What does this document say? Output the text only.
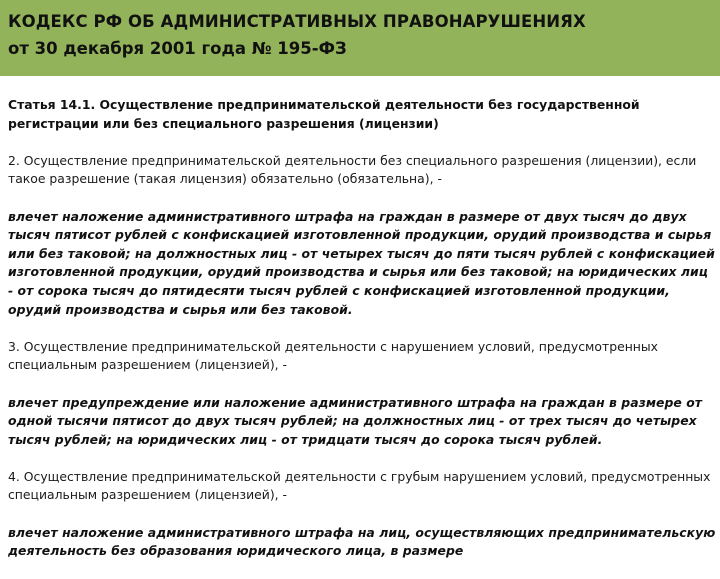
КОДЕКС РФ ОБ АДМИНИСТРАТИВНЫХ ПРАВОНАРУШЕНИЯХ
от 30 декабря 2001 года № 195-ФЗ

Статья 14.1. Осуществление предпринимательской деятельности без государственной регистрации или без специального разрешения (лицензии)

2. Осуществление предпринимательской деятельности без специального разрешения (лицензии), если такое разрешение (такая лицензия) обязательно (обязательна), -

влечет наложение административного штрафа на граждан в размере от двух тысяч до двух тысяч пятисот рублей с конфискацией изготовленной продукции, орудий производства и сырья или без таковой; на должностных лиц - от четырех тысяч до пяти тысяч рублей с конфискацией изготовленной продукции, орудий производства и сырья или без таковой; на юридических лиц - от сорока тысяч до пятидесяти тысяч рублей с конфискацией изготовленной продукции, орудий производства и сырья или без таковой.

3. Осуществление предпринимательской деятельности с нарушением условий, предусмотренных специальным разрешением (лицензией), -

влечет предупреждение или наложение административного штрафа на граждан в размере от одной тысячи пятисот до двух тысяч рублей; на должностных лиц - от трех тысяч до четырех тысяч рублей; на юридических лиц - от тридцати тысяч до сорока тысяч рублей.

4. Осуществление предпринимательской деятельности с грубым нарушением условий, предусмотренных специальным разрешением (лицензией), -

влечет наложение административного штрафа на лиц, осуществляющих предпринимательскую деятельность без образования юридического лица, в размере
